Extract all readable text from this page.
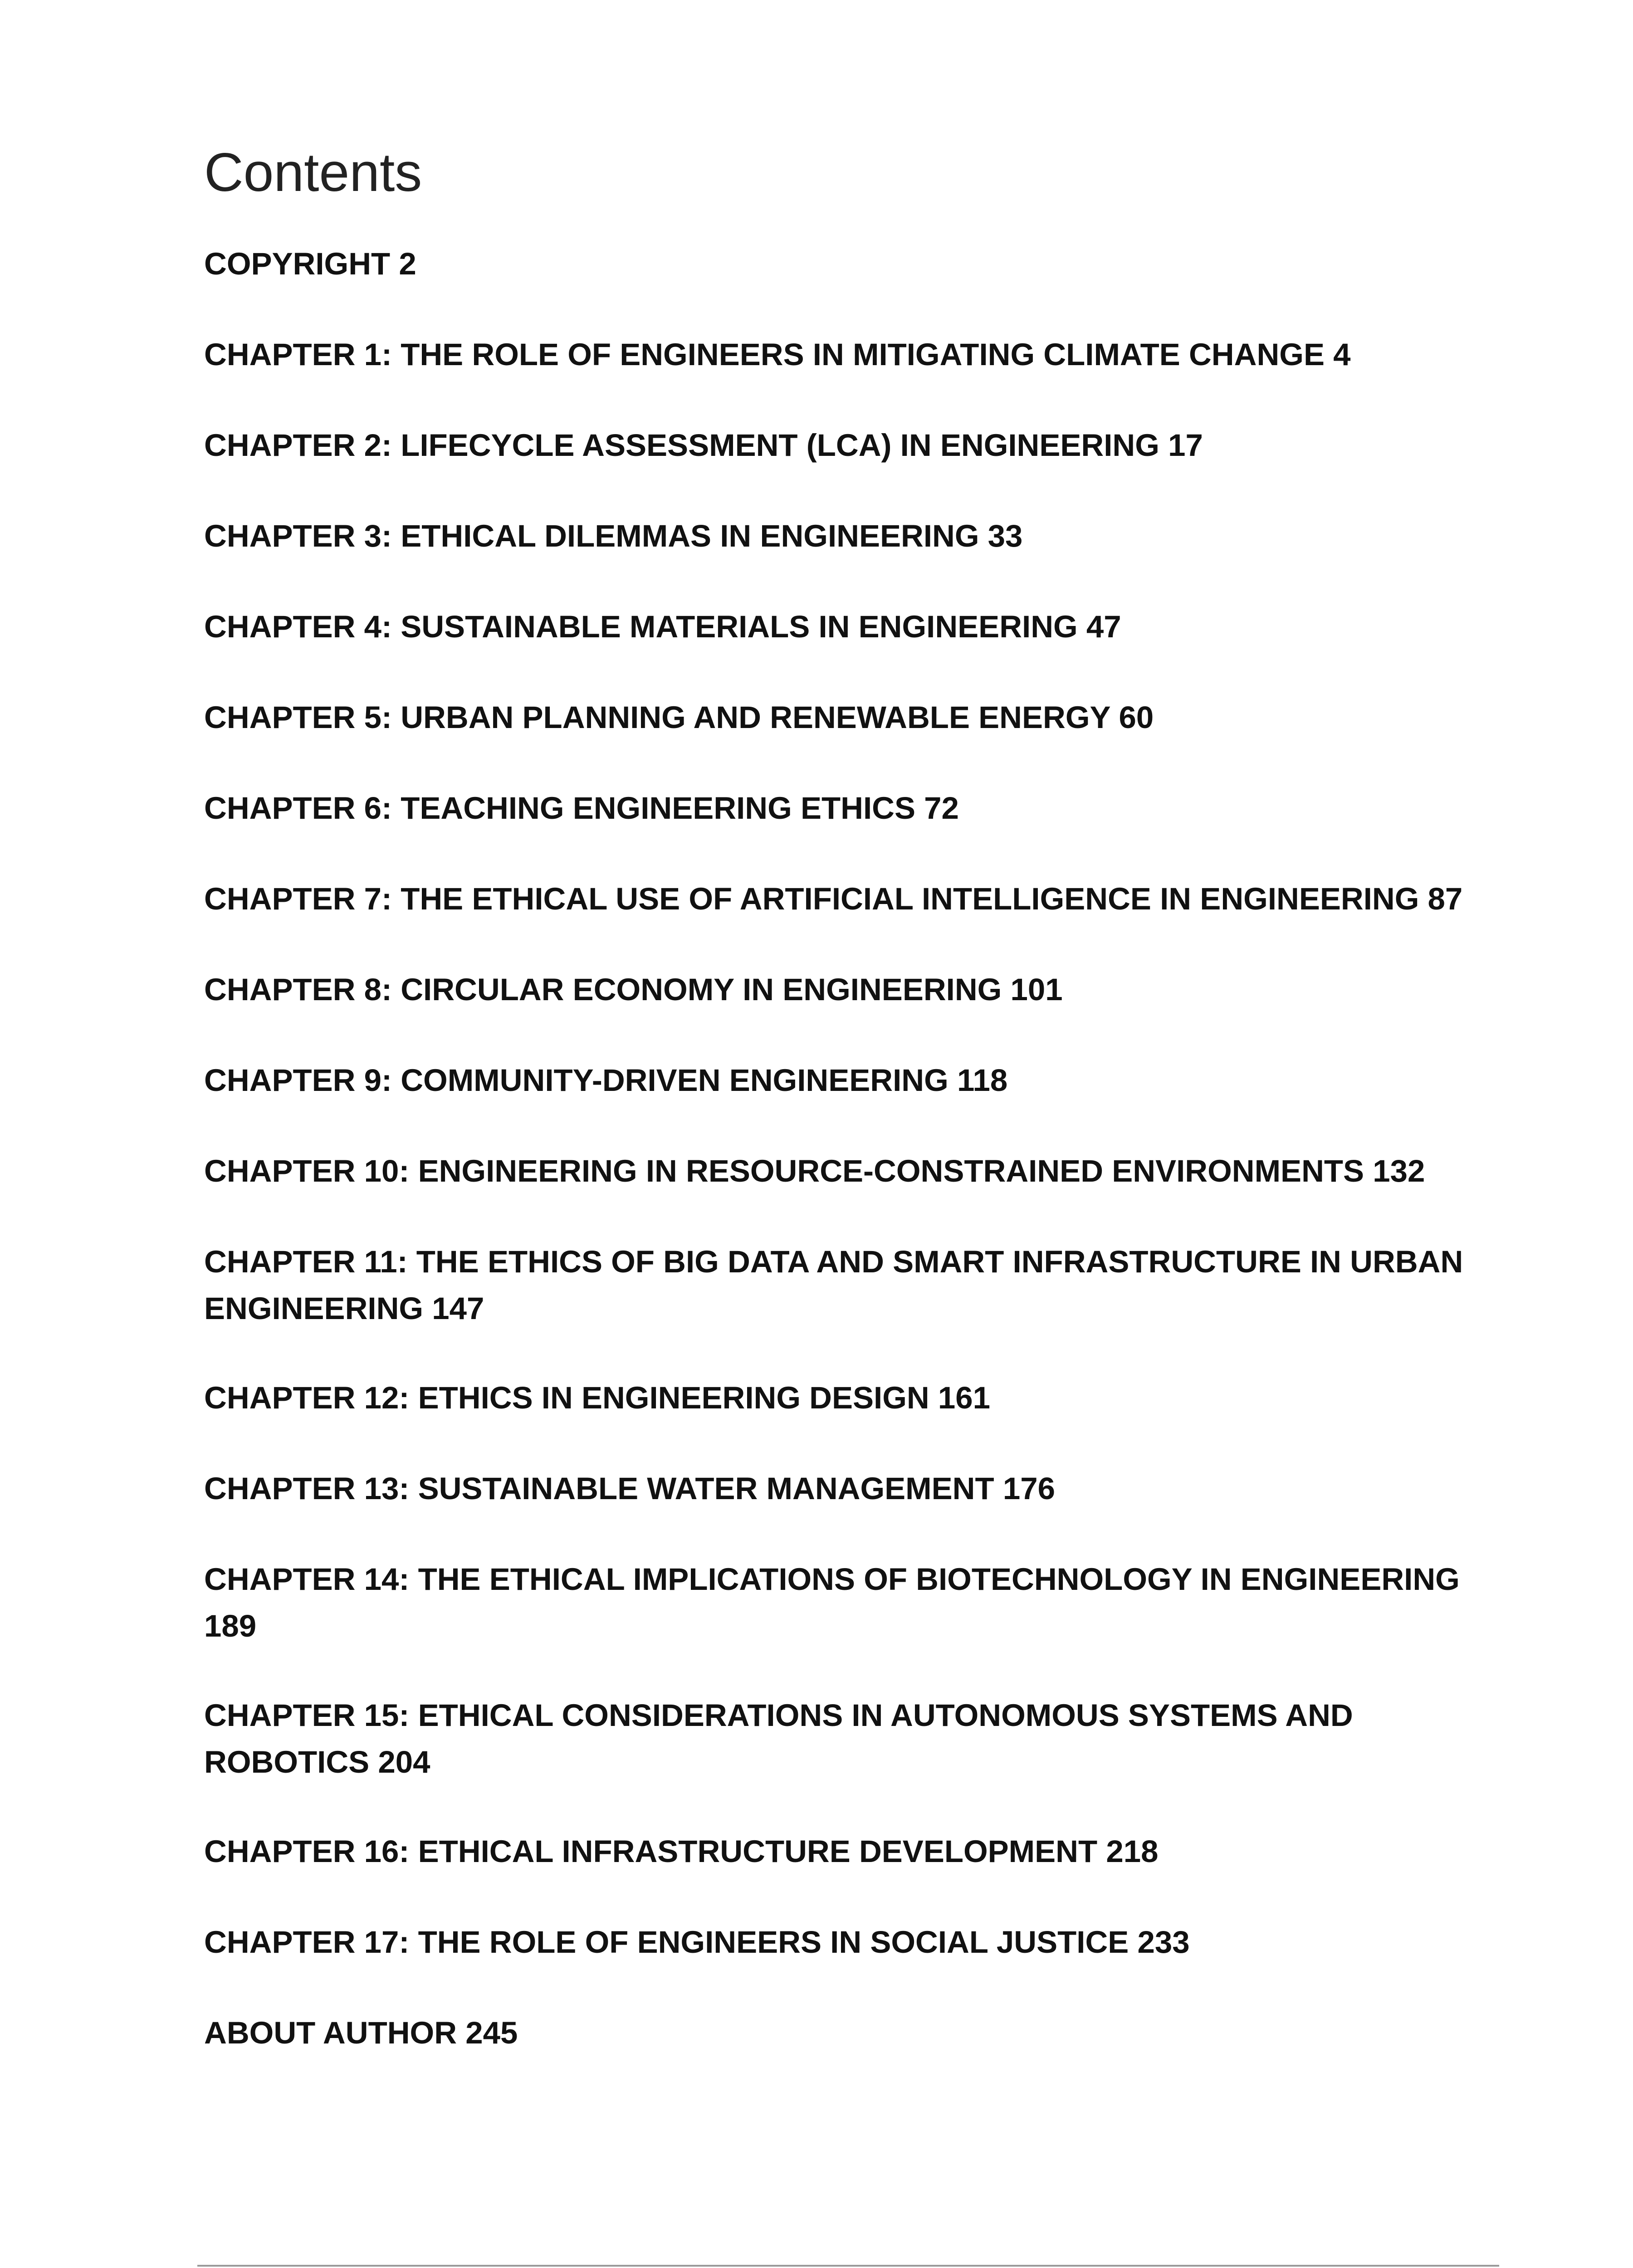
Contents
COPYRIGHT 2
CHAPTER 1: THE ROLE OF ENGINEERS IN MITIGATING CLIMATE CHANGE 4
CHAPTER 2: LIFECYCLE ASSESSMENT (LCA) IN ENGINEERING 17
CHAPTER 3: ETHICAL DILEMMAS IN ENGINEERING 33
CHAPTER 4: SUSTAINABLE MATERIALS IN ENGINEERING 47
CHAPTER 5: URBAN PLANNING AND RENEWABLE ENERGY 60
CHAPTER 6: TEACHING ENGINEERING ETHICS 72
CHAPTER 7: THE ETHICAL USE OF ARTIFICIAL INTELLIGENCE IN ENGINEERING 87
CHAPTER 8: CIRCULAR ECONOMY IN ENGINEERING 101
CHAPTER 9: COMMUNITY-DRIVEN ENGINEERING 118
CHAPTER 10: ENGINEERING IN RESOURCE-CONSTRAINED ENVIRONMENTS 132
CHAPTER 11: THE ETHICS OF BIG DATA AND SMART INFRASTRUCTURE IN URBAN ENGINEERING 147
CHAPTER 12: ETHICS IN ENGINEERING DESIGN 161
CHAPTER 13: SUSTAINABLE WATER MANAGEMENT 176
CHAPTER 14: THE ETHICAL IMPLICATIONS OF BIOTECHNOLOGY IN ENGINEERING 189
CHAPTER 15: ETHICAL CONSIDERATIONS IN AUTONOMOUS SYSTEMS AND ROBOTICS 204
CHAPTER 16: ETHICAL INFRASTRUCTURE DEVELOPMENT 218
CHAPTER 17: THE ROLE OF ENGINEERS IN SOCIAL JUSTICE 233
ABOUT AUTHOR 245
